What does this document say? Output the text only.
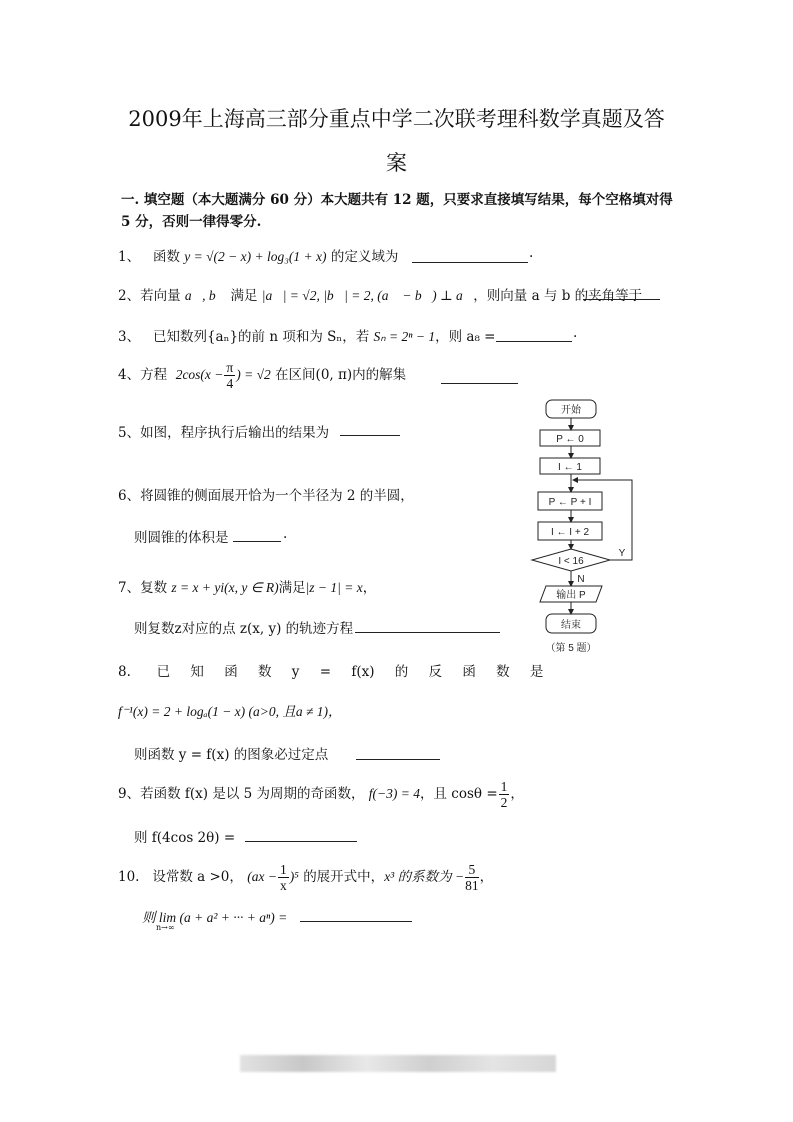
2009年上海高三部分重点中学二次联考理科数学真题及答
案
一. 填空题（本大题满分 60 分）本大题共有 12 题，只要求直接填写结果，每个空格填对得 5 分，否则一律得零分.
1、 函数 y = √(2 − x) + log₃(1 + x) 的定义域为	.
2、若向量 a⃗, b⃗ 满足 |a⃗| = √2, |b⃗| = 2, (a⃗ − b⃗) ⊥ a⃗，则向量 a 与 b 的夹角等于
3、 已知数列{aₙ}的前 n 项和为 Sₙ，若 Sₙ = 2ⁿ − 1，则 a₈ =	.
4、方程 $2\cos(x - \frac{\pi}{4}$ ) = √2 在区间(0, π)内的解集
5、如图，程序执行后输出的结果为
6、将圆锥的侧面展开恰为一个半径为 2 的半圆，
则圆锥的体积是	.
7、复数 z = x + yi(x, y ∈ R)满足|z − 1| = x，
则复数z对应的点 z(x, y) 的轨迹方程
8. 已 知 函 数 y = f(x) 的 反 函 数 是
f⁻¹(x) = 2 + logₐ(1 − x) (a>0, 且a ≠ 1)，
则函数 y = f(x) 的图象必过定点
9、若函数 f(x) 是以 5 为周期的奇函数， f(−3) = 4，且 $\cos\theta = \frac{1}{2}$ ，
则 f(4cos 2θ) =
10. 设常数 a >0， $(ax - \frac{1}{x} )^5$ 的展开式中，x³ 的系数为 − $\frac{5}{81}$ ，
则 lim (a + a² + ··· + aⁿ) =
n→∞
开始
P ← 0
I ← 1
P ← P + I
I ← I + 2
I < 16
Y
N
输出 P
结束
（第 5 题）
